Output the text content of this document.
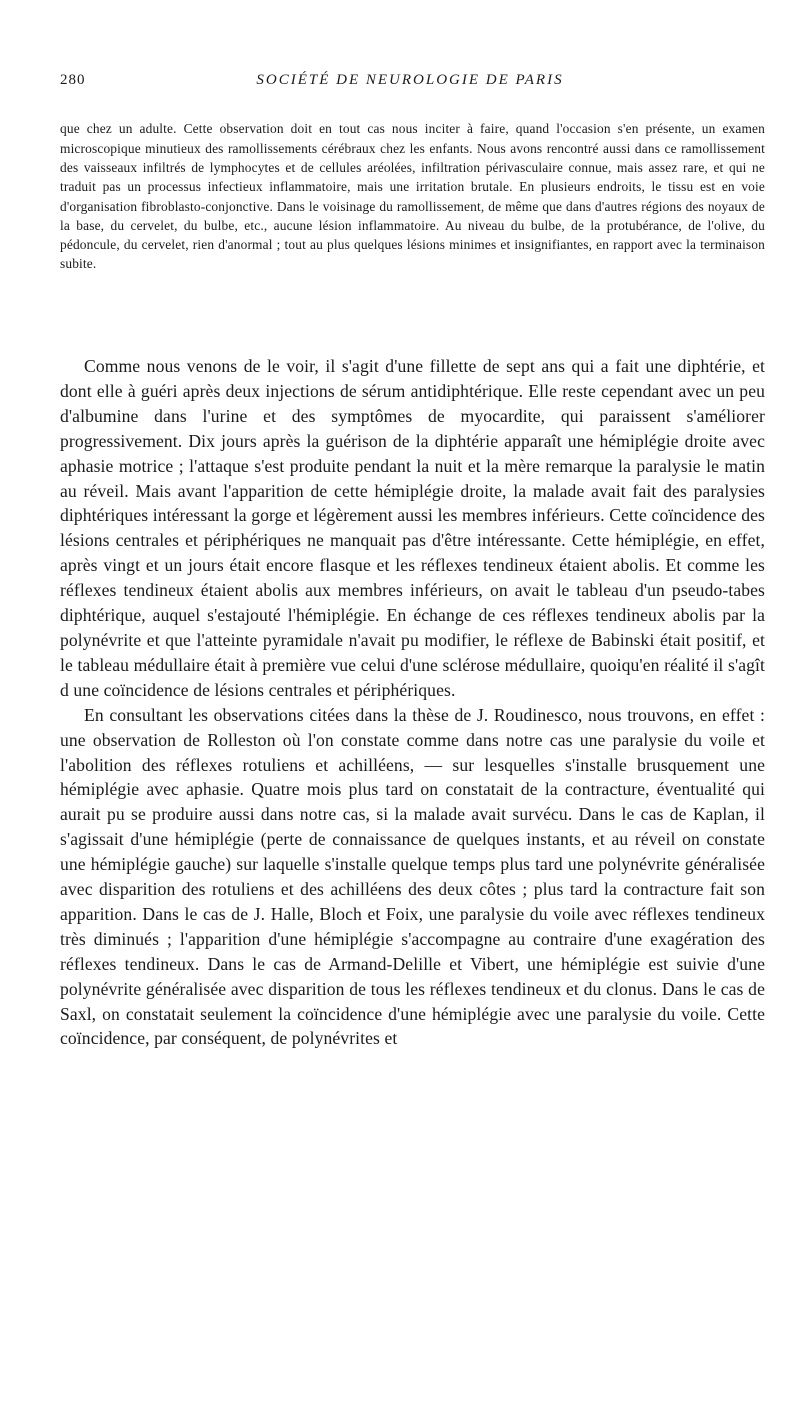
280	SOCIÉTÉ DE NEUROLOGIE DE PARIS

que chez un adulte. Cette observation doit en tout cas nous inciter à faire, quand l'occasion s'en présente, un examen microscopique minutieux des ramollissements cérébraux chez les enfants. Nous avons rencontré aussi dans ce ramollissement des vaisseaux infiltrés de lymphocytes et de cellules aréolées, infiltration périvasculaire connue, mais assez rare, et qui ne traduit pas un processus infectieux inflammatoire, mais une irritation brutale. En plusieurs endroits, le tissu est en voie d'organisation fibroblasto-conjonctive. Dans le voisinage du ramollissement, de même que dans d'autres régions des noyaux de la base, du cervelet, du bulbe, etc., aucune lésion inflammatoire. Au niveau du bulbe, de la protubérance, de l'olive, du pédoncule, du cervelet, rien d'anormal ; tout au plus quelques lésions minimes et insignifiantes, en rapport avec la terminaison subite.

Comme nous venons de le voir, il s'agit d'une fillette de sept ans qui a fait une diphtérie, et dont elle à guéri après deux injections de sérum antidiphtérique. Elle reste cependant avec un peu d'albumine dans l'urine et des symptômes de myocardite, qui paraissent s'améliorer progressivement. Dix jours après la guérison de la diphtérie apparaît une hémiplégie droite avec aphasie motrice ; l'attaque s'est produite pendant la nuit et la mère remarque la paralysie le matin au réveil. Mais avant l'apparition de cette hémiplégie droite, la malade avait fait des paralysies diphtériques intéressant la gorge et légèrement aussi les membres inférieurs. Cette coïncidence des lésions centrales et périphériques ne manquait pas d'être intéressante. Cette hémiplégie, en effet, après vingt et un jours était encore flasque et les réflexes tendineux étaient abolis. Et comme les réflexes tendineux étaient abolis aux membres inférieurs, on avait le tableau d'un pseudo-tabes diphtérique, auquel s'estajouté l'hémiplégie. En échange de ces réflexes tendineux abolis par la polynévrite et que l'atteinte pyramidale n'avait pu modifier, le réflexe de Babinski était positif, et le tableau médullaire était à première vue celui d'une sclérose médullaire, quoiqu'en réalité il s'agît d une coïncidence de lésions centrales et périphériques.

En consultant les observations citées dans la thèse de J. Roudinesco, nous trouvons, en effet : une observation de Rolleston où l'on constate comme dans notre cas une paralysie du voile et l'abolition des réflexes rotuliens et achilléens, — sur lesquelles s'installe brusquement une hémiplégie avec aphasie. Quatre mois plus tard on constatait de la contracture, éventualité qui aurait pu se produire aussi dans notre cas, si la malade avait survécu. Dans le cas de Kaplan, il s'agissait d'une hémiplégie (perte de connaissance de quelques instants, et au réveil on constate une hémiplégie gauche) sur laquelle s'installe quelque temps plus tard une polynévrite généralisée avec disparition des rotuliens et des achilléens des deux côtes ; plus tard la contracture fait son apparition. Dans le cas de J. Halle, Bloch et Foix, une paralysie du voile avec réflexes tendineux très diminués ; l'apparition d'une hémiplégie s'accompagne au contraire d'une exagération des réflexes tendineux. Dans le cas de Armand-Delille et Vibert, une hémiplégie est suivie d'une polynévrite généralisée avec disparition de tous les réflexes tendineux et du clonus. Dans le cas de Saxl, on constatait seulement la coïncidence d'une hémiplégie avec une paralysie du voile. Cette coïncidence, par conséquent, de polynévrites et
